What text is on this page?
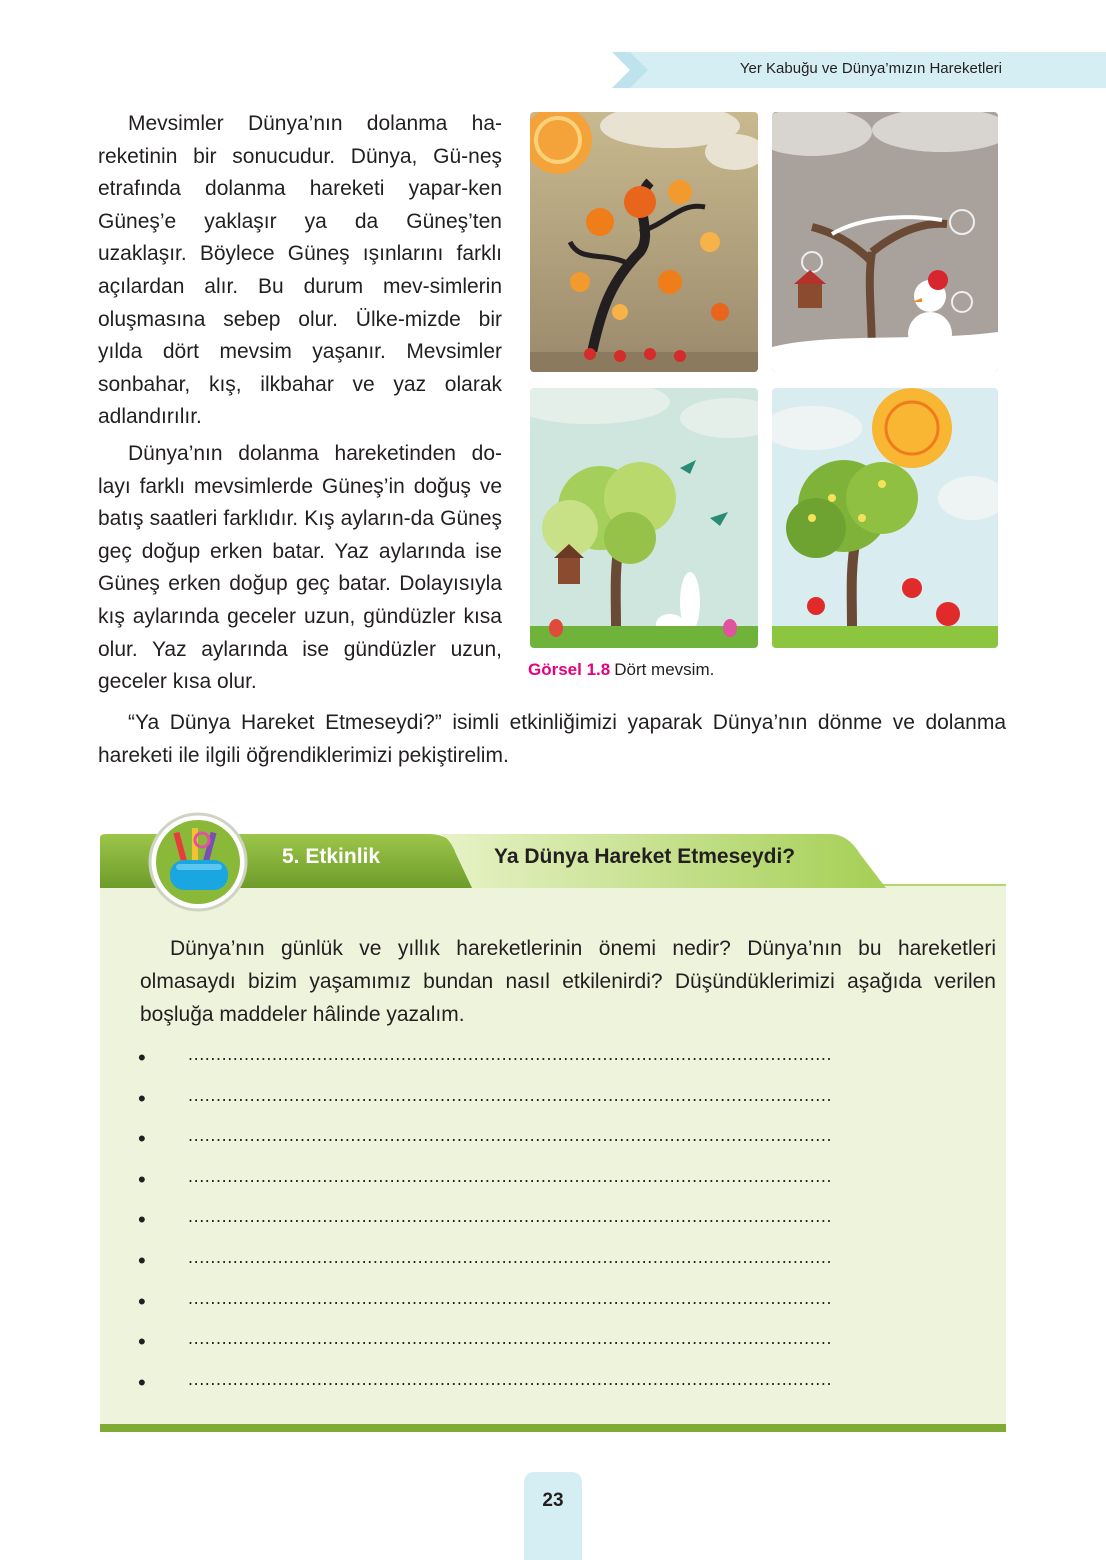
Yer Kabuğu ve Dünya’mızın Hareketleri
Mevsimler Dünya’nın dolanma ha-reketinin bir sonucudur. Dünya, Gü-neş etrafında dolanma hareketi yapar-ken Güneş’e yaklaşır ya da Güneş’ten uzaklaşır. Böylece Güneş ışınlarını farklı açılardan alır. Bu durum mev-simlerin oluşmasına sebep olur. Ülke-mizde bir yılda dört mevsim yaşanır. Mevsimler sonbahar, kış, ilkbahar ve yaz olarak adlandırılır.
Dünya’nın dolanma hareketinden do-layı farklı mevsimlerde Güneş’in doğuş ve batış saatleri farklıdır. Kış ayların-da Güneş geç doğup erken batar. Yaz aylarında ise Güneş erken doğup geç batar. Dolayısıyla kış aylarında geceler uzun, gündüzler kısa olur. Yaz aylarında ise gündüzler uzun, geceler kısa olur.
“Ya Dünya Hareket Etmeseydi?” isimli etkinliğimizi yaparak Dünya’nın dönme ve dolanma hareketi ile ilgili öğrendiklerimizi pekiştirelim.
Görsel 1.8 Dört mevsim.
5. Etkinlik	Ya Dünya Hareket Etmeseydi?
Dünya’nın günlük ve yıllık hareketlerinin önemi nedir? Dünya’nın bu hareketleri olmasaydı bizim yaşamımız bundan nasıl etkilenirdi? Düşündüklerimizi aşağıda verilen boşluğa maddeler hâlinde yazalım.
• ...................................................................................................................
• ...................................................................................................................
• ...................................................................................................................
• ...................................................................................................................
• ...................................................................................................................
• ...................................................................................................................
• ...................................................................................................................
• ...................................................................................................................
• ...................................................................................................................
23
